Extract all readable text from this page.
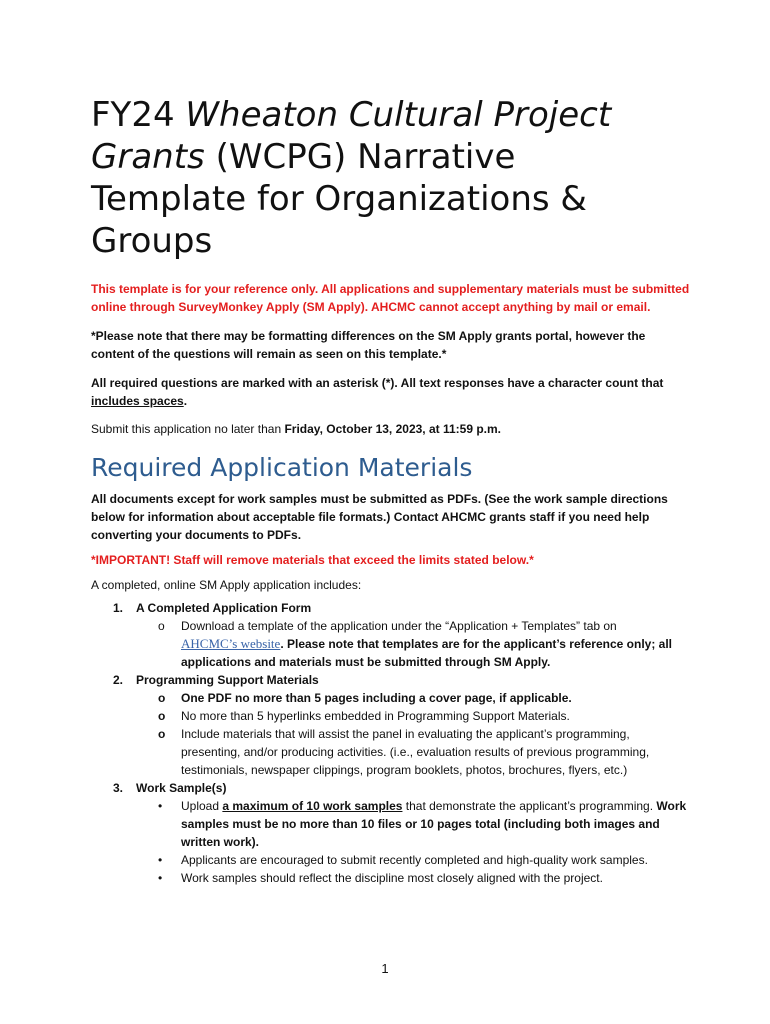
FY24 Wheaton Cultural Project
Grants (WCPG) Narrative
Template for Organizations &
Groups

This template is for your reference only. All applications and supplementary materials must be submitted online through SurveyMonkey Apply (SM Apply). AHCMC cannot accept anything by mail or email.

*Please note that there may be formatting differences on the SM Apply grants portal, however the content of the questions will remain as seen on this template.*

All required questions are marked with an asterisk (*). All text responses have a character count that includes spaces.

Submit this application no later than Friday, October 13, 2023, at 11:59 p.m.

Required Application Materials

All documents except for work samples must be submitted as PDFs. (See the work sample directions below for information about acceptable file formats.) Contact AHCMC grants staff if you need help converting your documents to PDFs.

*IMPORTANT! Staff will remove materials that exceed the limits stated below.*

A completed, online SM Apply application includes:

1. A Completed Application Form
o Download a template of the application under the “Application + Templates” tab on
AHCMC’s website. Please note that templates are for the applicant’s reference only; all applications and materials must be submitted through SM Apply.
2. Programming Support Materials
o One PDF no more than 5 pages including a cover page, if applicable.
o No more than 5 hyperlinks embedded in Programming Support Materials.
o Include materials that will assist the panel in evaluating the applicant’s programming, presenting, and/or producing activities. (i.e., evaluation results of previous programming, testimonials, newspaper clippings, program booklets, photos, brochures, flyers, etc.)
3. Work Sample(s)
• Upload a maximum of 10 work samples that demonstrate the applicant’s programming. Work samples must be no more than 10 files or 10 pages total (including both images and written work).
• Applicants are encouraged to submit recently completed and high-quality work samples.
• Work samples should reflect the discipline most closely aligned with the project.
1
